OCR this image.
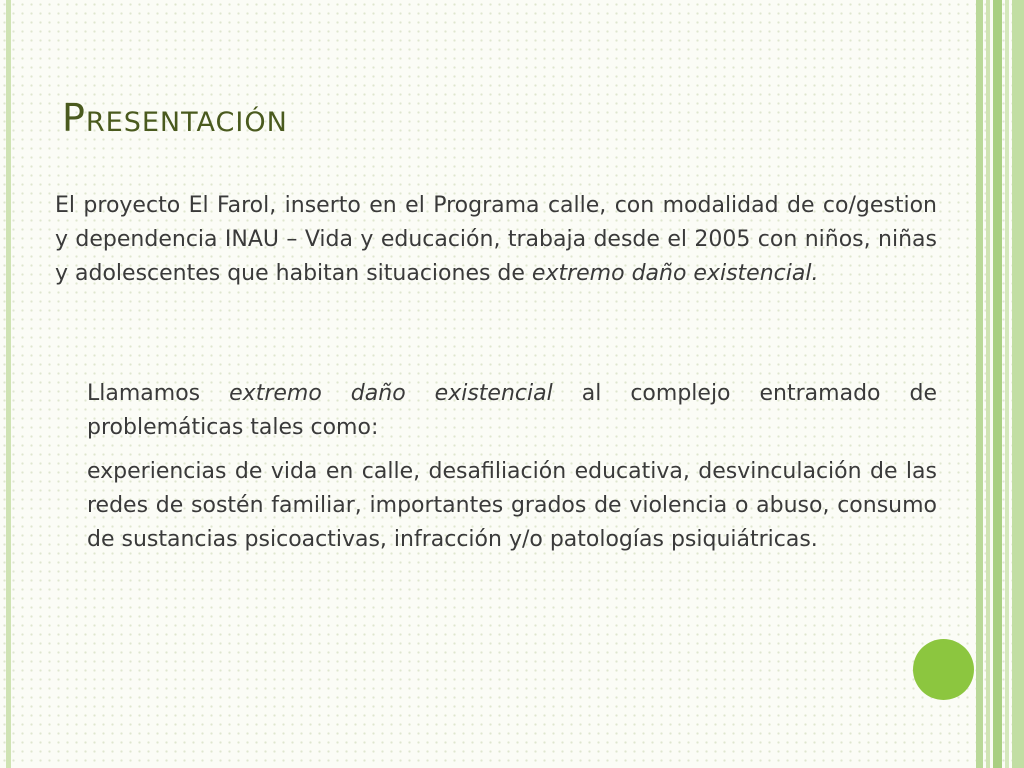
Presentación

El proyecto El Farol, inserto en el Programa calle, con modalidad de co/gestion y dependencia INAU – Vida y educación, trabaja desde el 2005 con niños, niñas y adolescentes que habitan situaciones de extremo daño existencial.

Llamamos extremo daño existencial al complejo entramado de problemáticas tales como:

experiencias de vida en calle, desafiliación educativa, desvinculación de las redes de sostén familiar, importantes grados de violencia o abuso, consumo de sustancias psicoactivas, infracción y/o patologías psiquiátricas.
